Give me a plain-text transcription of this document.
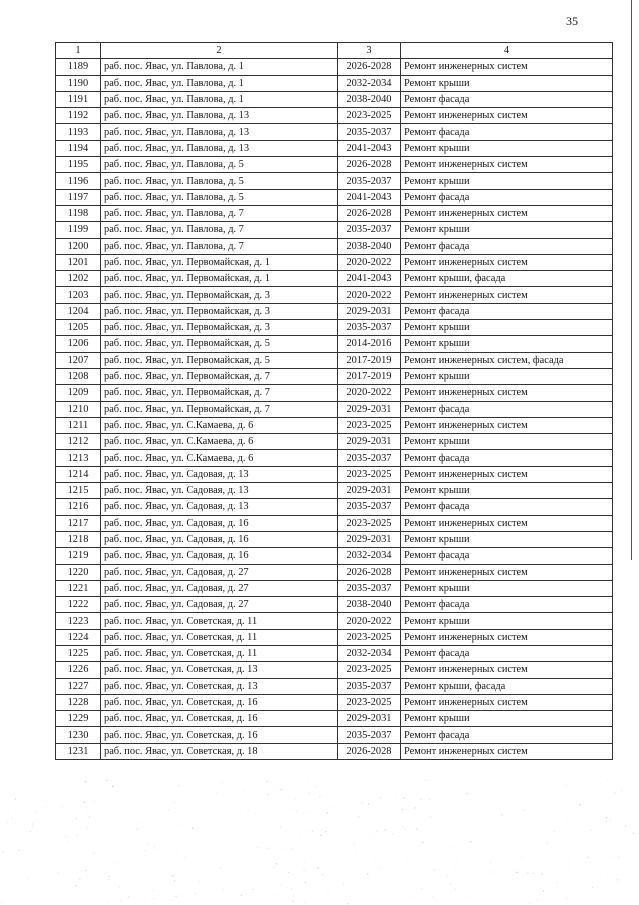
35
1	2	3	4
1189	раб. пос. Явас, ул. Павлова, д. 1	2026-2028	Ремонт инженерных систем
1190	раб. пос. Явас, ул. Павлова, д. 1	2032-2034	Ремонт крыши
1191	раб. пос. Явас, ул. Павлова, д. 1	2038-2040	Ремонт фасада
1192	раб. пос. Явас, ул. Павлова, д. 13	2023-2025	Ремонт инженерных систем
1193	раб. пос. Явас, ул. Павлова, д. 13	2035-2037	Ремонт фасада
1194	раб. пос. Явас, ул. Павлова, д. 13	2041-2043	Ремонт крыши
1195	раб. пос. Явас, ул. Павлова, д. 5	2026-2028	Ремонт инженерных систем
1196	раб. пос. Явас, ул. Павлова, д. 5	2035-2037	Ремонт крыши
1197	раб. пос. Явас, ул. Павлова, д. 5	2041-2043	Ремонт фасада
1198	раб. пос. Явас, ул. Павлова, д. 7	2026-2028	Ремонт инженерных систем
1199	раб. пос. Явас, ул. Павлова, д. 7	2035-2037	Ремонт крыши
1200	раб. пос. Явас, ул. Павлова, д. 7	2038-2040	Ремонт фасада
1201	раб. пос. Явас, ул. Первомайская, д. 1	2020-2022	Ремонт инженерных систем
1202	раб. пос. Явас, ул. Первомайская, д. 1	2041-2043	Ремонт крыши, фасада
1203	раб. пос. Явас, ул. Первомайская, д. 3	2020-2022	Ремонт инженерных систем
1204	раб. пос. Явас, ул. Первомайская, д. 3	2029-2031	Ремонт фасада
1205	раб. пос. Явас, ул. Первомайская, д. 3	2035-2037	Ремонт крыши
1206	раб. пос. Явас, ул. Первомайская, д. 5	2014-2016	Ремонт крыши
1207	раб. пос. Явас, ул. Первомайская, д. 5	2017-2019	Ремонт инженерных систем, фасада
1208	раб. пос. Явас, ул. Первомайская, д. 7	2017-2019	Ремонт крыши
1209	раб. пос. Явас, ул. Первомайская, д. 7	2020-2022	Ремонт инженерных систем
1210	раб. пос. Явас, ул. Первомайская, д. 7	2029-2031	Ремонт фасада
1211	раб. пос. Явас, ул. С.Камаева, д. 6	2023-2025	Ремонт инженерных систем
1212	раб. пос. Явас, ул. С.Камаева, д. 6	2029-2031	Ремонт крыши
1213	раб. пос. Явас, ул. С.Камаева, д. 6	2035-2037	Ремонт фасада
1214	раб. пос. Явас, ул. Садовая, д. 13	2023-2025	Ремонт инженерных систем
1215	раб. пос. Явас, ул. Садовая, д. 13	2029-2031	Ремонт крыши
1216	раб. пос. Явас, ул. Садовая, д. 13	2035-2037	Ремонт фасада
1217	раб. пос. Явас, ул. Садовая, д. 16	2023-2025	Ремонт инженерных систем
1218	раб. пос. Явас, ул. Садовая, д. 16	2029-2031	Ремонт крыши
1219	раб. пос. Явас, ул. Садовая, д. 16	2032-2034	Ремонт фасада
1220	раб. пос. Явас, ул. Садовая, д. 27	2026-2028	Ремонт инженерных систем
1221	раб. пос. Явас, ул. Садовая, д. 27	2035-2037	Ремонт крыши
1222	раб. пос. Явас, ул. Садовая, д. 27	2038-2040	Ремонт фасада
1223	раб. пос. Явас, ул. Советская, д. 11	2020-2022	Ремонт крыши
1224	раб. пос. Явас, ул. Советская, д. 11	2023-2025	Ремонт инженерных систем
1225	раб. пос. Явас, ул. Советская, д. 11	2032-2034	Ремонт фасада
1226	раб. пос. Явас, ул. Советская, д. 13	2023-2025	Ремонт инженерных систем
1227	раб. пос. Явас, ул. Советская, д. 13	2035-2037	Ремонт крыши, фасада
1228	раб. пос. Явас, ул. Советская, д. 16	2023-2025	Ремонт инженерных систем
1229	раб. пос. Явас, ул. Советская, д. 16	2029-2031	Ремонт крыши
1230	раб. пос. Явас, ул. Советская, д. 16	2035-2037	Ремонт фасада
1231	раб. пос. Явас, ул. Советская, д. 18	2026-2028	Ремонт инженерных систем
